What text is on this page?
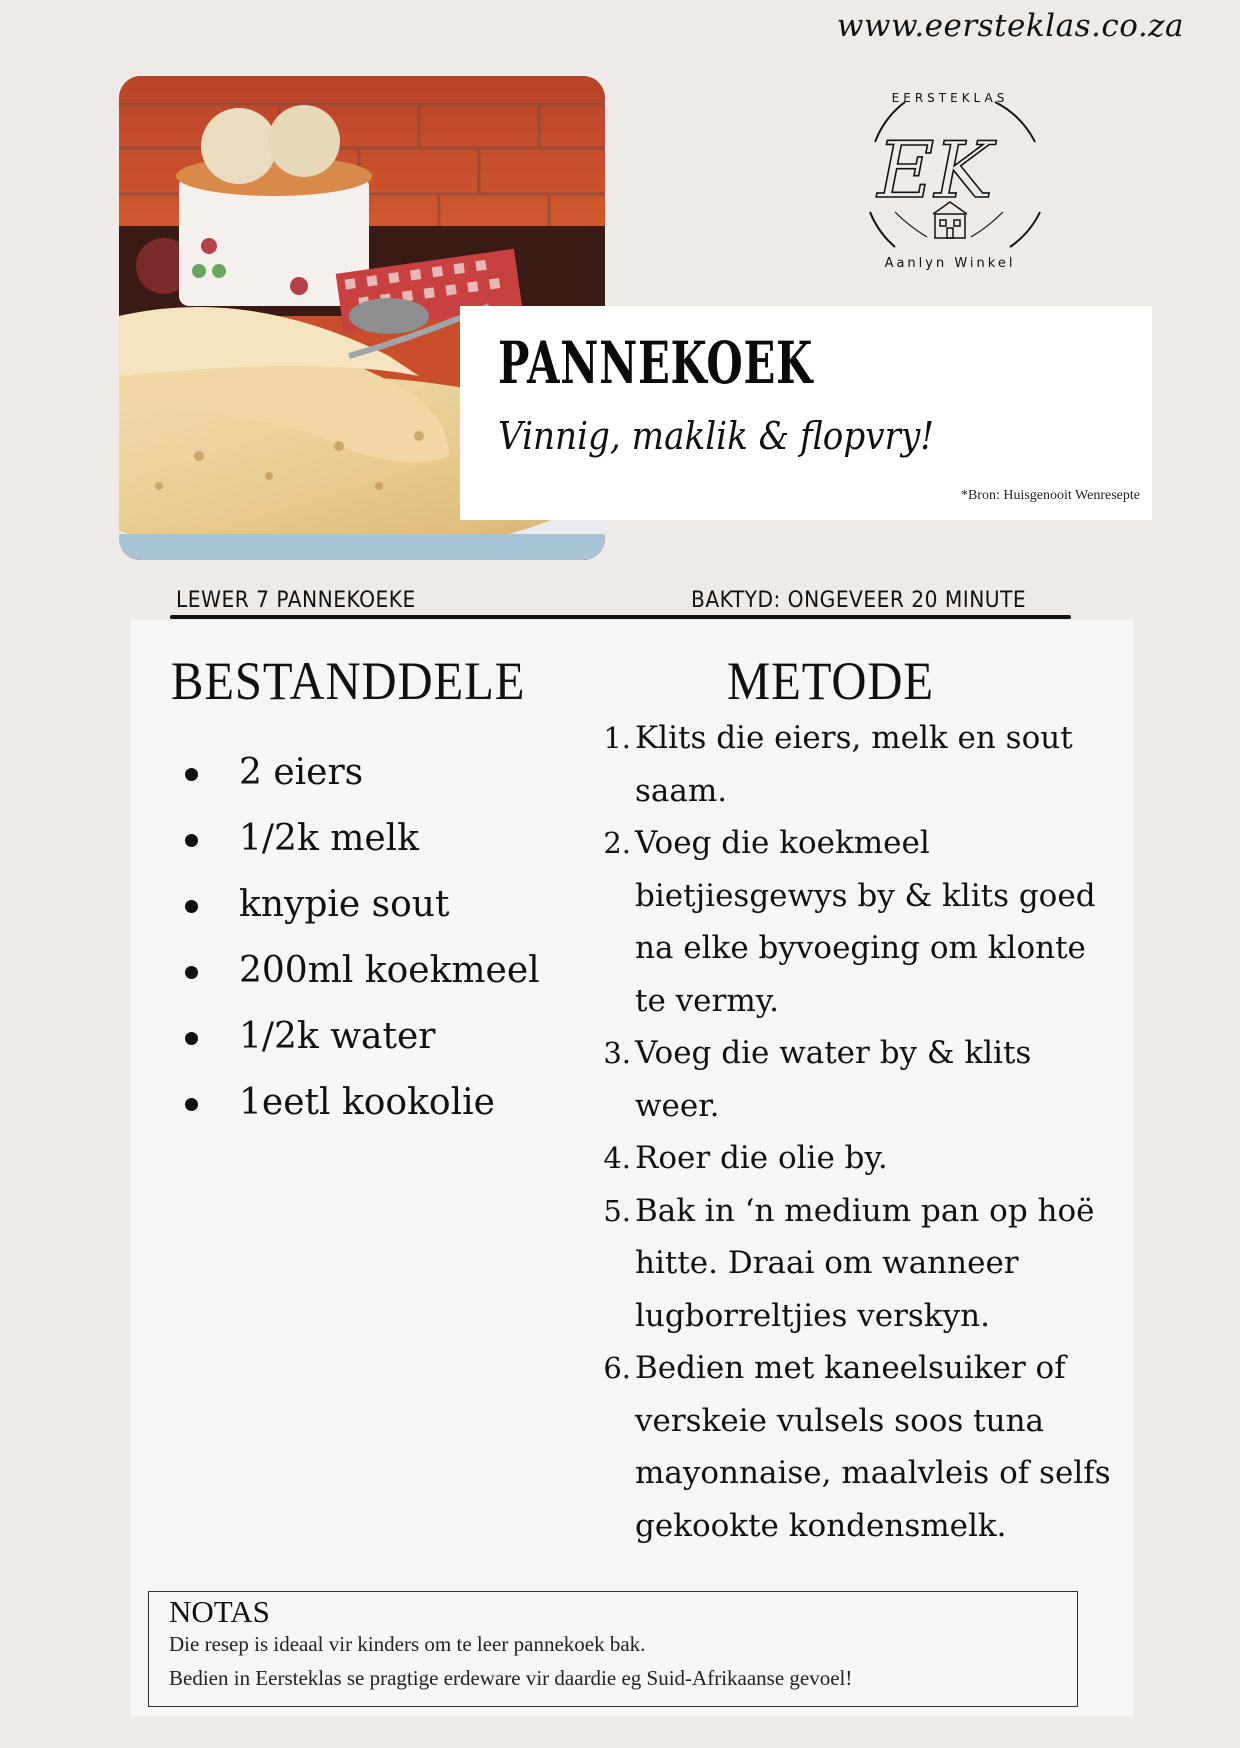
www.eersteklas.co.za
EERSTEKLAS
EK
Aanlyn Winkel
PANNEKOEK
Vinnig, maklik & flopvry!
*Bron: Huisgenooit Wenresepte
LEWER 7 PANNEKOEKE	BAKTYD: ONGEVEER 20 MINUTE
BESTANDDELE	METODE
2 eiers
1/2k melk
knypie sout
200ml koekmeel
1/2k water
1eetl kookolie
1. Klits die eiers, melk en sout saam.
2. Voeg die koekmeel bietjiesgewys by & klits goed na elke byvoeging om klonte te vermy.
3. Voeg die water by & klits weer.
4. Roer die olie by.
5. Bak in ‘n medium pan op hoë hitte. Draai om wanneer lugborreltjies verskyn.
6. Bedien met kaneelsuiker of verskeie vulsels soos tuna mayonnaise, maalvleis of selfs gekookte kondensmelk.
NOTAS
Die resep is ideaal vir kinders om te leer pannekoek bak.
Bedien in Eersteklas se pragtige erdeware vir daardie eg Suid-Afrikaanse gevoel!
